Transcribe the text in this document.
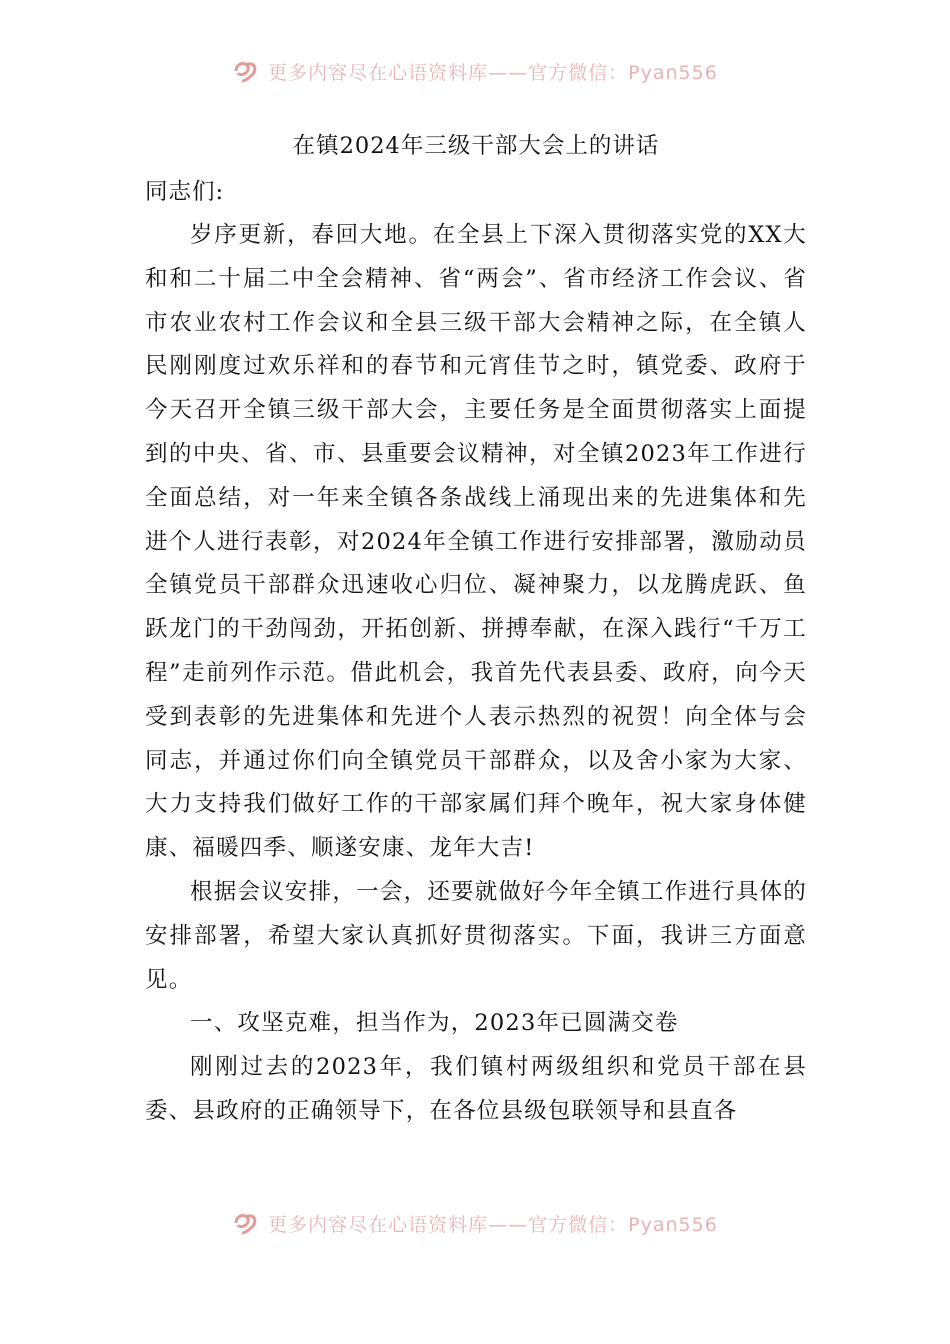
更多内容尽在心语资料库——官方微信：Pyan556
在镇2024年三级干部大会上的讲话

同志们:

岁序更新，春回大地。在全县上下深入贯彻落实党的XX大和和二十届二中全会精神、省“两会”、省市经济工作会议、省市农业农村工作会议和全县三级干部大会精神之际，在全镇人民刚刚度过欢乐祥和的春节和元宵佳节之时，镇党委、政府于今天召开全镇三级干部大会，主要任务是全面贯彻落实上面提到的中央、省、市、县重要会议精神，对全镇2023年工作进行全面总结，对一年来全镇各条战线上涌现出来的先进集体和先进个人进行表彰，对2024年全镇工作进行安排部署，激励动员全镇党员干部群众迅速收心归位、凝神聚力，以龙腾虎跃、鱼跃龙门的干劲闯劲，开拓创新、拼搏奉献，在深入践行“千万工程”走前列作示范。借此机会，我首先代表县委、政府，向今天受到表彰的先进集体和先进个人表示热烈的祝贺！向全体与会同志，并通过你们向全镇党员干部群众，以及舍小家为大家、大力支持我们做好工作的干部家属们拜个晚年，祝大家身体健康、福暖四季、顺遂安康、龙年大吉!

根据会议安排，一会，还要就做好今年全镇工作进行具体的安排部署，希望大家认真抓好贯彻落实。下面，我讲三方面意见。

一、攻坚克难，担当作为，2023年已圆满交卷

刚刚过去的2023年，我们镇村两级组织和党员干部在县委、县政府的正确领导下，在各位县级包联领导和县直各

更多内容尽在心语资料库——官方微信：Pyan556
